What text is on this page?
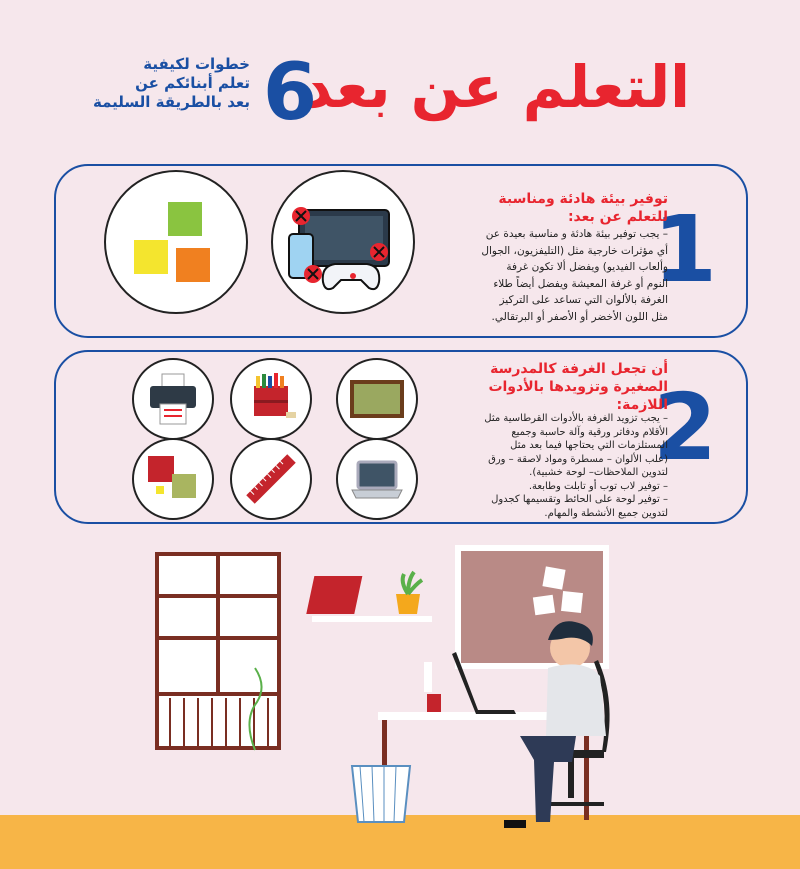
التعلم عن بعد
6
خطوات لكيفية
تعلم أبنائكم عن
بعد بالطريقة السليمة
1
توفير بيئة هادئة ومناسبة
للتعلم عن بعد:
– يجب توفير بيئة هادئة و مناسبة بعيدة عن
أي مؤثرات خارجية مثل (التليفزيون، الجوال
وألعاب الفيديو) ويفضل ألا تكون غرفة
النوم أو غرفة المعيشة ويفضل أيضاً طلاء
الغرفة بالألوان التي تساعد على التركيز
مثل اللون الأخضر أو الأصفر أو البرتقالي.
2
أن تجعل الغرفة كالمدرسة
الصغيرة وتزويدها بالأدوات
اللازمة:
– يجب تزويد الغرفة بالأدوات القرطاسية مثل
الأقلام ودفاتر ورقية وآلة حاسبة وجميع
المستلزمات التي يحتاجها فيما بعد مثل
(علب الألوان – مسطرة ومواد لاصقة – ورق
لتدوين الملاحظات– لوحة خشبية).
– توفير لاب توب أو تابلت وطابعة.
– توفير لوحة على الحائط وتقسيمها كجدول
لتدوين جميع الأنشطة والمهام.
